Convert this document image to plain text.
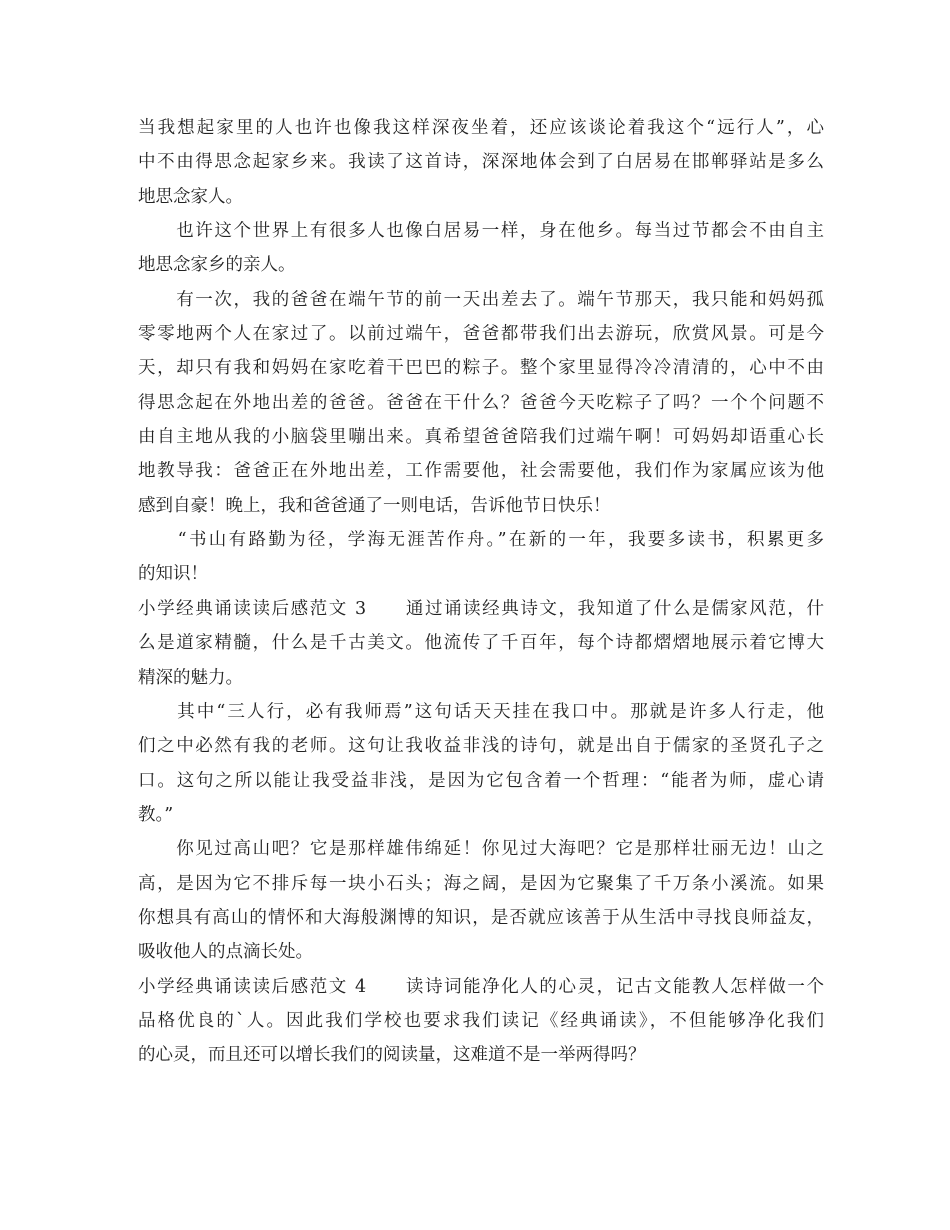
当我想起家里的人也许也像我这样深夜坐着，还应该谈论着我这个“远行人”，心
中不由得思念起家乡来。我读了这首诗，深深地体会到了白居易在邯郸驿站是多么
地思念家人。
　　也许这个世界上有很多人也像白居易一样，身在他乡。每当过节都会不由自主
地思念家乡的亲人。
　　有一次，我的爸爸在端午节的前一天出差去了。端午节那天，我只能和妈妈孤
零零地两个人在家过了。以前过端午，爸爸都带我们出去游玩，欣赏风景。可是今
天，却只有我和妈妈在家吃着干巴巴的粽子。整个家里显得冷冷清清的，心中不由
得思念起在外地出差的爸爸。爸爸在干什么？爸爸今天吃粽子了吗？一个个问题不
由自主地从我的小脑袋里嘣出来。真希望爸爸陪我们过端午啊！可妈妈却语重心长
地教导我：爸爸正在外地出差，工作需要他，社会需要他，我们作为家属应该为他
感到自豪！晚上，我和爸爸通了一则电话，告诉他节日快乐！
　　“书山有路勤为径，学海无涯苦作舟。”在新的一年，我要多读书，积累更多
的知识！
小学经典诵读读后感范文 3　　通过诵读经典诗文，我知道了什么是儒家风范，什
么是道家精髓，什么是千古美文。他流传了千百年，每个诗都熠熠地展示着它博大
精深的魅力。
　　其中“三人行，必有我师焉”这句话天天挂在我口中。那就是许多人行走，他
们之中必然有我的老师。这句让我收益非浅的诗句，就是出自于儒家的圣贤孔子之
口。这句之所以能让我受益非浅，是因为它包含着一个哲理：“能者为师，虚心请
教。”
　　你见过高山吧？它是那样雄伟绵延！你见过大海吧？它是那样壮丽无边！山之
高，是因为它不排斥每一块小石头；海之阔，是因为它聚集了千万条小溪流。如果
你想具有高山的情怀和大海般渊博的知识，是否就应该善于从生活中寻找良师益友，
吸收他人的点滴长处。
小学经典诵读读后感范文 4　　读诗词能净化人的心灵，记古文能教人怎样做一个
品格优良的`人。因此我们学校也要求我们读记《经典诵读》，不但能够净化我们
的心灵，而且还可以增长我们的阅读量，这难道不是一举两得吗？
